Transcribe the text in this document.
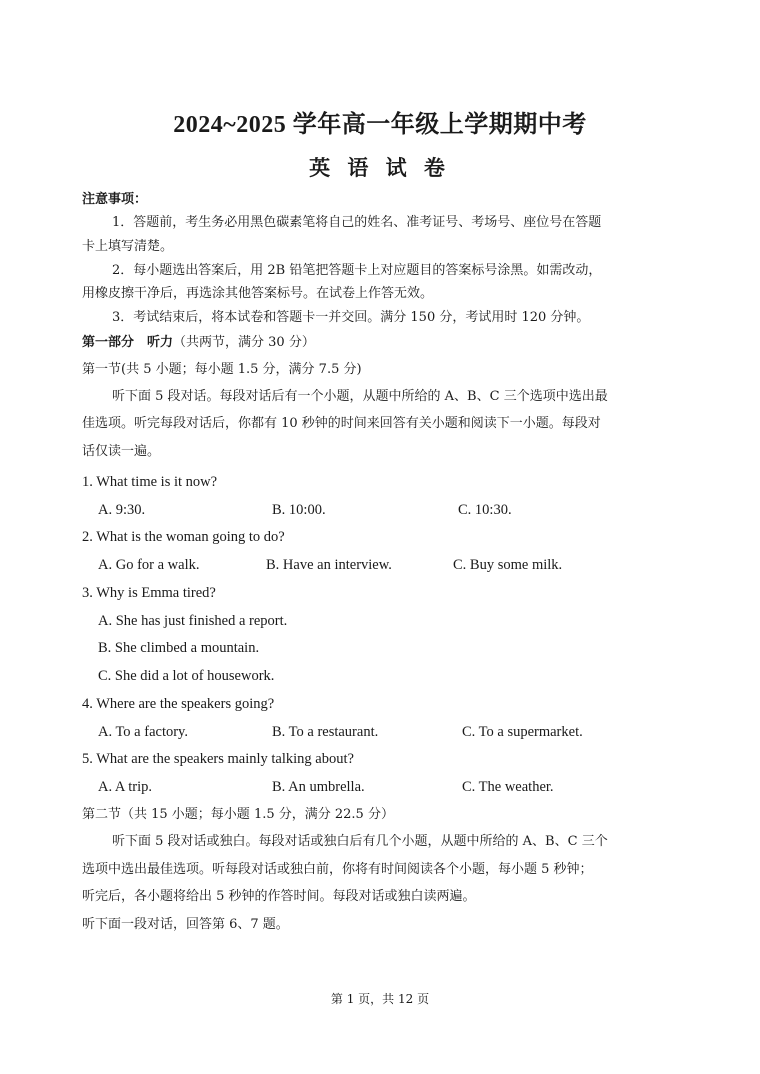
2024~2025 学年高一年级上学期期中考
英 语 试 卷
注意事项：
1．答题前，考生务必用黑色碳素笔将自己的姓名、准考证号、考场号、座位号在答题
卡上填写清楚。
2．每小题选出答案后，用 2B 铅笔把答题卡上对应题目的答案标号涂黑。如需改动，
用橡皮擦干净后，再选涂其他答案标号。在试卷上作答无效。
3．考试结束后，将本试卷和答题卡一并交回。满分 150 分，考试用时 120 分钟。
第一部分　听力（共两节，满分 30 分）
第一节(共 5 小题；每小题 1.5 分，满分 7.5 分)
听下面 5 段对话。每段对话后有一个小题，从题中所给的 A、B、C 三个选项中选出最
佳选项。听完每段对话后，你都有 10 秒钟的时间来回答有关小题和阅读下一小题。每段对
话仅读一遍。
1. What time is it now?
A. 9:30.	B. 10:00.	C. 10:30.
2. What is the woman going to do?
A. Go for a walk.	B. Have an interview.	C. Buy some milk.
3. Why is Emma tired?
A. She has just finished a report.
B. She climbed a mountain.
C. She did a lot of housework.
4. Where are the speakers going?
A. To a factory.	B. To a restaurant.	C. To a supermarket.
5. What are the speakers mainly talking about?
A. A trip.	B. An umbrella.	C. The weather.
第二节（共 15 小题；每小题 1.5 分，满分 22.5 分）
听下面 5 段对话或独白。每段对话或独白后有几个小题，从题中所给的 A、B、C 三个
选项中选出最佳选项。听每段对话或独白前，你将有时间阅读各个小题，每小题 5 秒钟；
听完后，各小题将给出 5 秒钟的作答时间。每段对话或独白读两遍。
听下面一段对话，回答第 6、7 题。
第 1 页，共 12 页
